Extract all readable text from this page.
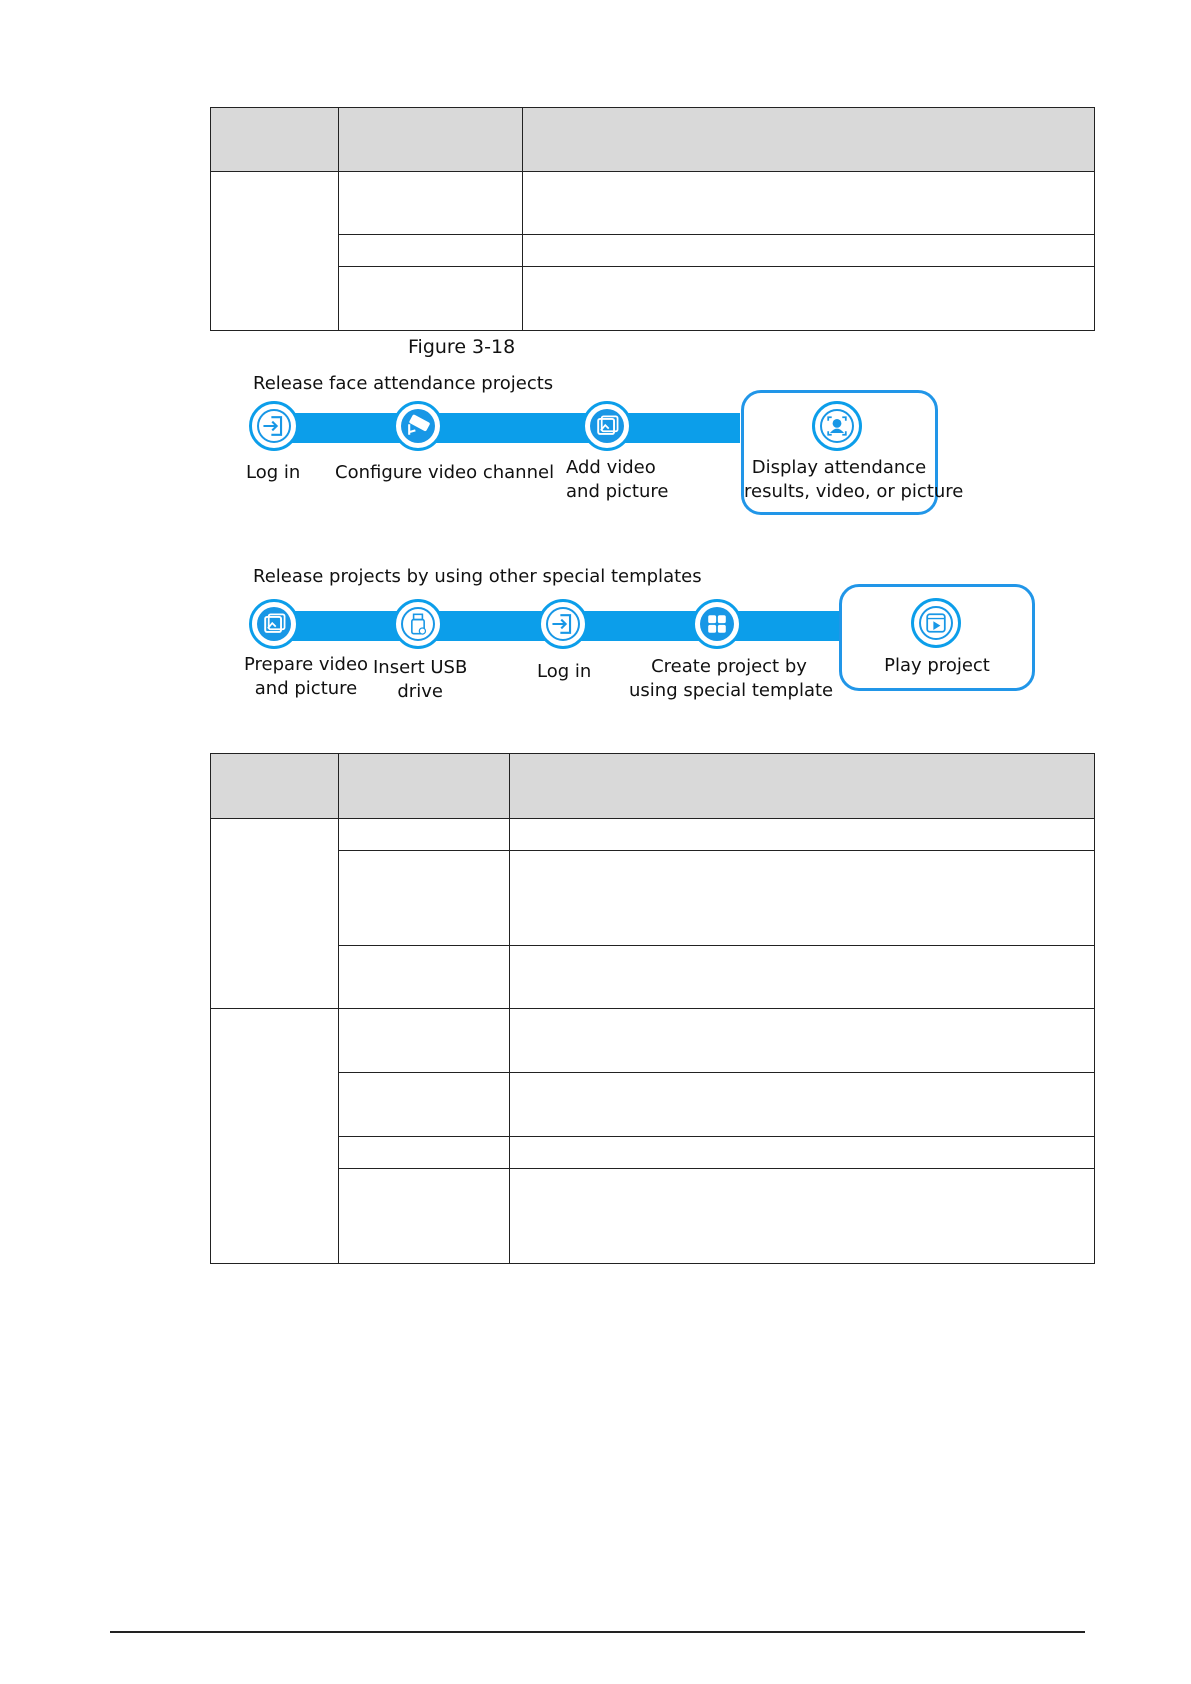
Figure 3-18
Release face attendance projects
Log in Configure video channel Add video
and picture
Display attendance
results, video, or picture
Release projects by using other special templates
Prepare video
and picture
Insert USB
drive
Log in	Create project by
using special template
Play project
